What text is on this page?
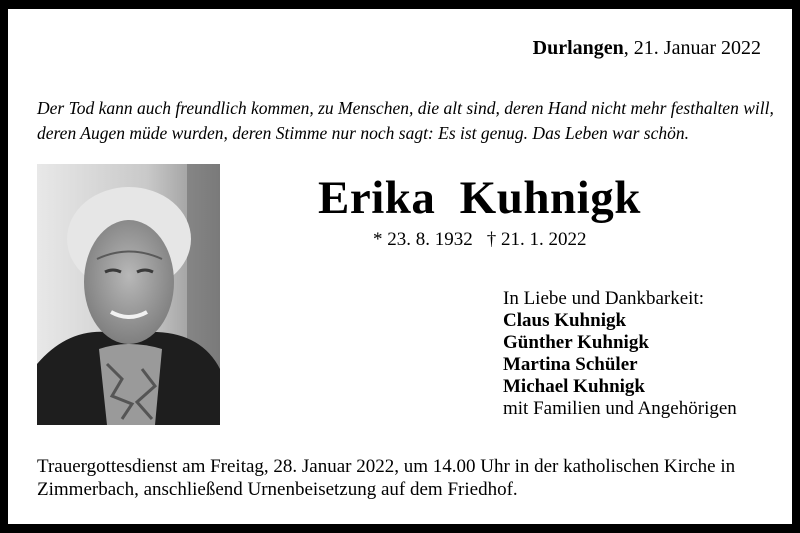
Durlangen, 21. Januar 2022
Der Tod kann auch freundlich kommen, zu Menschen, die alt sind, deren Hand nicht mehr festhalten will, deren Augen müde wurden, deren Stimme nur noch sagt: Es ist genug. Das Leben war schön.
Erika Kuhnigk
* 23. 8. 1932 † 21. 1. 2022
In Liebe und Dankbarkeit:
Claus Kuhnigk
Günther Kuhnigk
Martina Schüler
Michael Kuhnigk
mit Familien und Angehörigen
Trauergottesdienst am Freitag, 28. Januar 2022, um 14.00 Uhr in der katholischen Kirche in Zimmerbach, anschließend Urnenbeisetzung auf dem Friedhof.
